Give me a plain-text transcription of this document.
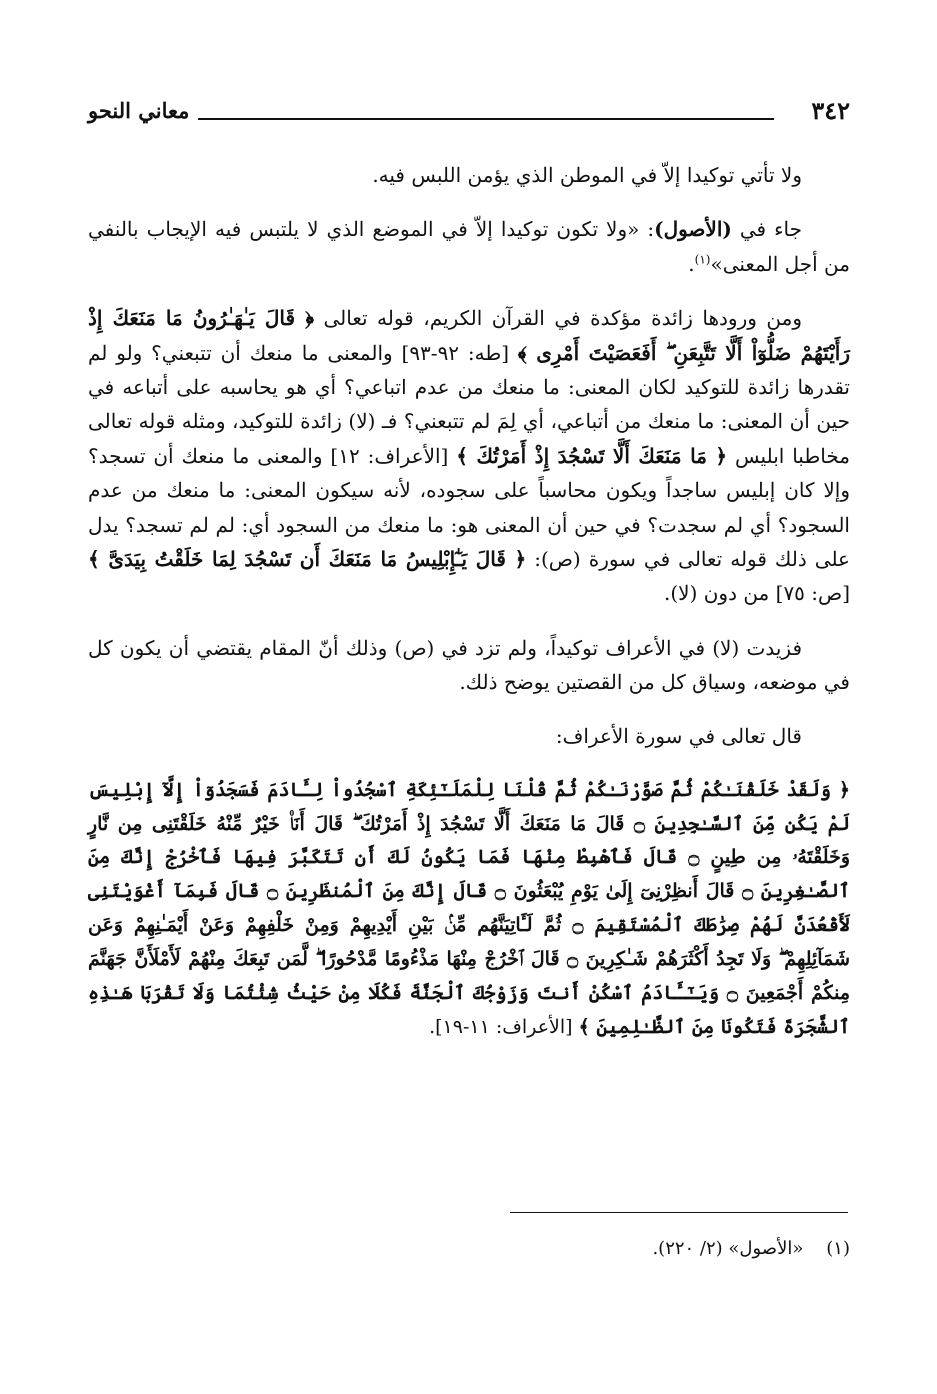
٣٤٢
معاني النحو

ولا تأتي توكيدا إلاّ في الموطن الذي يؤمن اللبس فيه.

جاء في (الأصول): «ولا تكون توكيدا إلاّ في الموضع الذي لا يلتبس فيه الإيجاب بالنفي من أجل المعنى»$^{(١)}$.

ومن ورودها زائدة مؤكدة في القرآن الكريم، قوله تعالى ﴿ قَالَ يَـٰهَـٰرُونُ مَا مَنَعَكَ إِذْ رَأَيْتَهُمْ ضَلُّوٓاْ أَلَّا تَتَّبِعَنِ ۖ أَفَعَصَيْتَ أَمْرِى ﴾ [طه: ٩٢-٩٣] والمعنى ما منعك أن تتبعني؟ ولو لم تقدرها زائدة للتوكيد لكان المعنى: ما منعك من عدم اتباعي؟ أي هو يحاسبه على أتباعه في حين أن المعنى: ما منعك من أتباعي، أي لِمَ لم تتبعني؟ فـ (لا) زائدة للتوكيد، ومثله قوله تعالى مخاطبا ابليس ﴿ مَا مَنَعَكَ أَلَّا تَسْجُدَ إِذْ أَمَرْتُكَ ﴾ [الأعراف: ١٢] والمعنى ما منعك أن تسجد؟ وإلا كان إبليس ساجداً ويكون محاسباً على سجوده، لأنه سيكون المعنى: ما منعك من عدم السجود؟ أي لم سجدت؟ في حين أن المعنى هو: ما منعك من السجود أي: لم لم تسجد؟ يدل على ذلك قوله تعالى في سورة (ص): ﴿ قَالَ يَـٰٓإِبْلِيسُ مَا مَنَعَكَ أَن تَسْجُدَ لِمَا خَلَقْتُ بِيَدَىَّ ﴾ [ص: ٧٥] من دون (لا).

فزيدت (لا) في الأعراف توكيداً، ولم تزد في (ص) وذلك أنّ المقام يقتضي أن يكون كل في موضعه، وسياق كل من القصتين يوضح ذلك.

قال تعالى في سورة الأعراف:

﴿ وَلَقَدْ خَلَقْنَـٰكُمْ ثُمَّ صَوَّرْنَـٰكُمْ ثُمَّ قُلْنَا لِلْمَلَـٰٓئِكَةِ ٱسْجُدُواْ لِـَٔادَمَ فَسَجَدُوٓاْ إِلَّآ إِبْلِيسَ لَمْ يَكُن مِّنَ ٱلسَّـٰجِدِينَ ۝ قَالَ مَا مَنَعَكَ أَلَّا تَسْجُدَ إِذْ أَمَرْتُكَ ۖ قَالَ أَنَا۠ خَيْرٌ مِّنْهُ خَلَقْتَنِى مِن نَّارٍ وَخَلَقْتَهُۥ مِن طِينٍ ۝ قَالَ فَٱهْبِطْ مِنْهَا فَمَا يَكُونُ لَكَ أَن تَتَكَبَّرَ فِيهَا فَٱخْرُجْ إِنَّكَ مِنَ ٱلصَّـٰغِرِينَ ۝ قَالَ أَنظِرْنِىٓ إِلَىٰ يَوْمِ يُبْعَثُونَ ۝ قَالَ إِنَّكَ مِنَ ٱلْمُنظَرِينَ ۝ قَالَ فَبِمَآ أَغْوَيْتَنِى لَأَقْعُدَنَّ لَهُمْ صِرَٰطَكَ ٱلْمُسْتَقِيمَ ۝ ثُمَّ لَـَٔاتِيَنَّهُم مِّنۢ بَيْنِ أَيْدِيهِمْ وَمِنْ خَلْفِهِمْ وَعَنْ أَيْمَـٰنِهِمْ وَعَن شَمَآئِلِهِمْ ۖ وَلَا تَجِدُ أَكْثَرَهُمْ شَـٰكِرِينَ ۝ قَالَ ٱخْرُجْ مِنْهَا مَذْءُومًا مَّدْحُورًا ۖ لَّمَن تَبِعَكَ مِنْهُمْ لَأَمْلَأَنَّ جَهَنَّمَ مِنكُمْ أَجْمَعِينَ ۝ وَيَـٰٓـَٔادَمُ ٱسْكُنْ أَنتَ وَزَوْجُكَ ٱلْجَنَّةَ فَكُلَا مِنْ حَيْثُ شِئْتُمَا وَلَا تَقْرَبَا هَـٰذِهِ ٱلشَّجَرَةَ فَتَكُونَا مِنَ ٱلظَّـٰلِمِينَ ﴾ [الأعراف: ١١-١٩].

(١)    «الأصول» (٢/ ٢٢٠).
